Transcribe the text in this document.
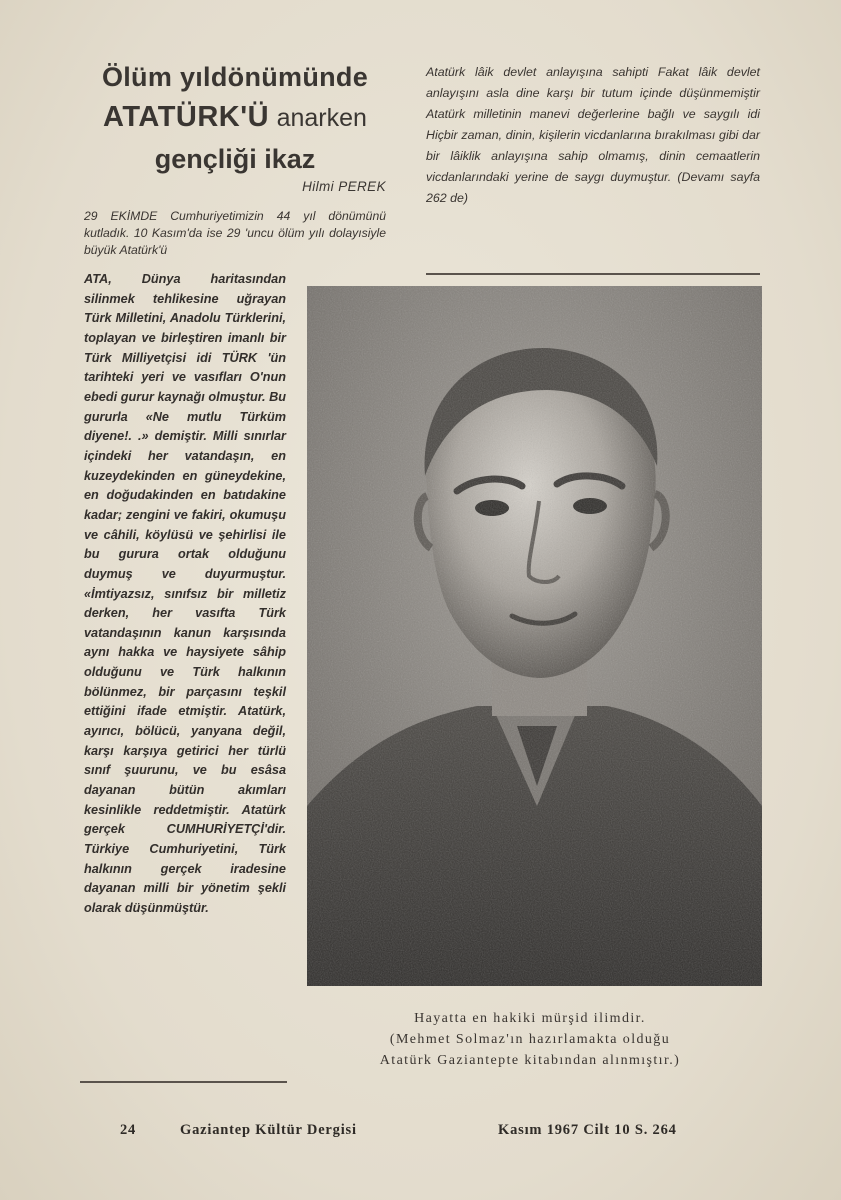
Ölüm yıldönümünde
ATATÜRK'Ü anarken
gençliği ikaz
Hilmi PEREK

29 EKİMDE Cumhuriyetimizin 44 yıl dönümünü kutladık. 10 Kasım'da ise 29 'uncu ölüm yılı dolayısiyle büyük Atatürk'ü

ATA, Dünya haritasından silinmek tehlikesine uğrayan Türk Milletini, Anadolu Türklerini, toplayan ve birleştiren imanlı bir Türk Milliyetçisi idi TÜRK 'ün tarihteki yeri ve vasıfları O'nun ebedi gurur kaynağı olmuştur. Bu gururla «Ne mutlu Türküm diyene!. .» demiştir. Milli sınırlar içindeki her vatandaşın, en kuzeydekinden en güneydekine, en doğudakinden en batıdakine kadar; zengini ve fakiri, okumuşu ve câhili, köylüsü ve şehirlisi ile bu gurura ortak olduğunu duymuş ve duyurmuştur. «İmtiyazsız, sınıfsız bir milletiz derken, her vasıfta Türk vatandaşının kanun karşısında aynı hakka ve haysiyete sâhip olduğunu ve Türk halkının bölünmez, bir parçasını teşkil ettiğini ifade etmiştir. Atatürk, ayırıcı, bölücü, yanyana değil, karşı karşıya getirici her türlü sınıf şuurunu, ve bu esâsa dayanan bütün akımları kesinlikle reddetmiştir. Atatürk gerçek CUMHURİYETÇİ'dir. Türkiye Cumhuriyetini, Türk halkının gerçek iradesine dayanan milli bir yönetim şekli olarak düşünmüştür.
Atatürk lâik devlet anlayışına sahipti Fakat lâik devlet anlayışını asla dine karşı bir tutum içinde düşünmemiştir Atatürk milletinin manevi değerlerine bağlı ve saygılı idi Hiçbir zaman, dinin, kişilerin vicdanlarına bırakılması gibi dar bir lâiklik anlayışına sahip olmamış, dinin cemaatlerin vicdanlarındaki yerine de saygı duymuştur. (Devamı sayfa 262 de)

Hayatta en hakiki mürşid ilimdir.

(Mehmet Solmaz'ın hazırlamakta olduğu

Atatürk Gaziantepte kitabından alınmıştır.)

24	Gaziantep Kültür Dergisi	Kasım 1967 Cilt 10 S. 264
